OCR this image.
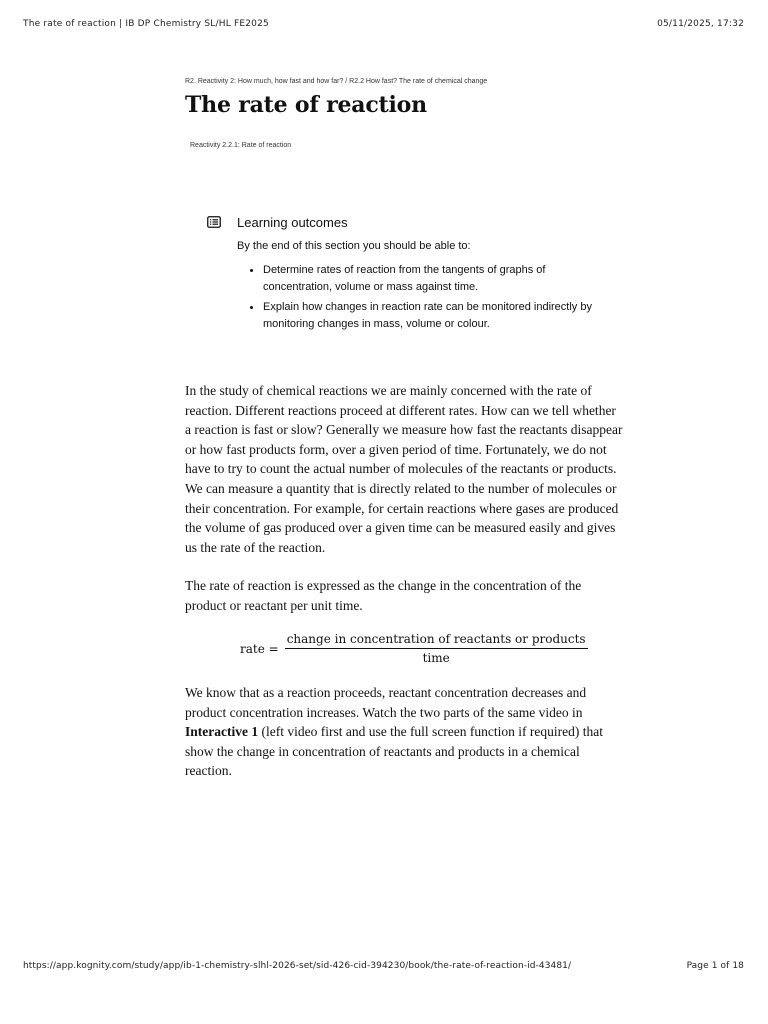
The rate of reaction | IB DP Chemistry SL/HL FE2025	05/11/2025, 17:32
R2. Reactivity 2: How much, how fast and how far? / R2.2 How fast? The rate of chemical change
The rate of reaction
Reactivity 2.2.1: Rate of reaction
Learning outcomes

By the end of this section you should be able to:

Determine rates of reaction from the tangents of graphs of concentration, volume or mass against time.
Explain how changes in reaction rate can be monitored indirectly by monitoring changes in mass, volume or colour.

In the study of chemical reactions we are mainly concerned with the rate of reaction. Different reactions proceed at different rates. How can we tell whether a reaction is fast or slow? Generally we measure how fast the reactants disappear or how fast products form, over a given period of time. Fortunately, we do not have to try to count the actual number of molecules of the reactants or products. We can measure a quantity that is directly related to the number of molecules or their concentration. For example, for certain reactions where gases are produced the volume of gas produced over a given time can be measured easily and gives us the rate of the reaction.

The rate of reaction is expressed as the change in the concentration of the product or reactant per unit time.

rate = $\frac{\text{change in concentration of reactants or products}}{\text{time}}$

We know that as a reaction proceeds, reactant concentration decreases and product concentration increases. Watch the two parts of the same video in Interactive 1 (left video first and use the full screen function if required) that show the change in concentration of reactants and products in a chemical reaction.

https://app.kognity.com/study/app/ib-1-chemistry-slhl-2026-set/sid-426-cid-394230/book/the-rate-of-reaction-id-43481/	Page 1 of 18
